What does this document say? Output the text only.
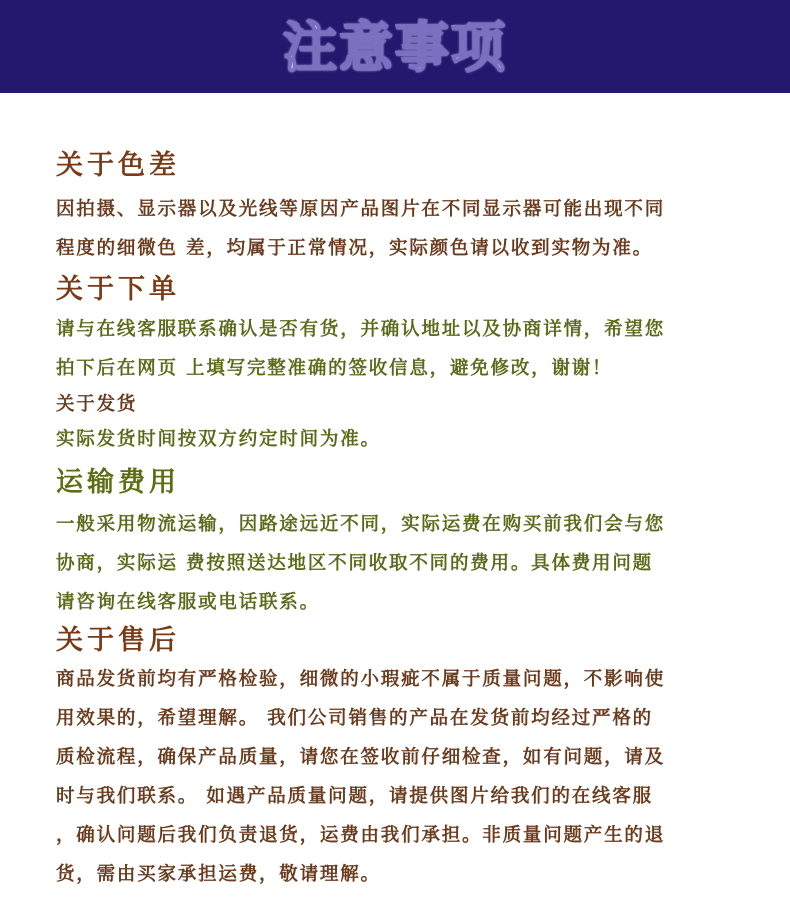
注意事项
关于色差
因拍摄、显示器以及光线等原因产品图片在不同显示器可能出现不同
程度的细微色 差，均属于正常情况，实际颜色请以收到实物为准。
关于下单
请与在线客服联系确认是否有货，并确认地址以及协商详情，希望您
拍下后在网页 上填写完整准确的签收信息，避免修改，谢谢！
关于发货
实际发货时间按双方约定时间为准。
运输费用
一般采用物流运输，因路途远近不同，实际运费在购买前我们会与您
协商，实际运 费按照送达地区不同收取不同的费用。具体费用问题
请咨询在线客服或电话联系。
关于售后
商品发货前均有严格检验，细微的小瑕疵不属于质量问题，不影响使
用效果的，希望理解。 我们公司销售的产品在发货前均经过严格的
质检流程，确保产品质量，请您在签收前仔细检查，如有问题，请及
时与我们联系。 如遇产品质量问题，请提供图片给我们的在线客服
，确认问题后我们负责退货，运费由我们承担。非质量问题产生的退
货，需由买家承担运费，敬请理解。
